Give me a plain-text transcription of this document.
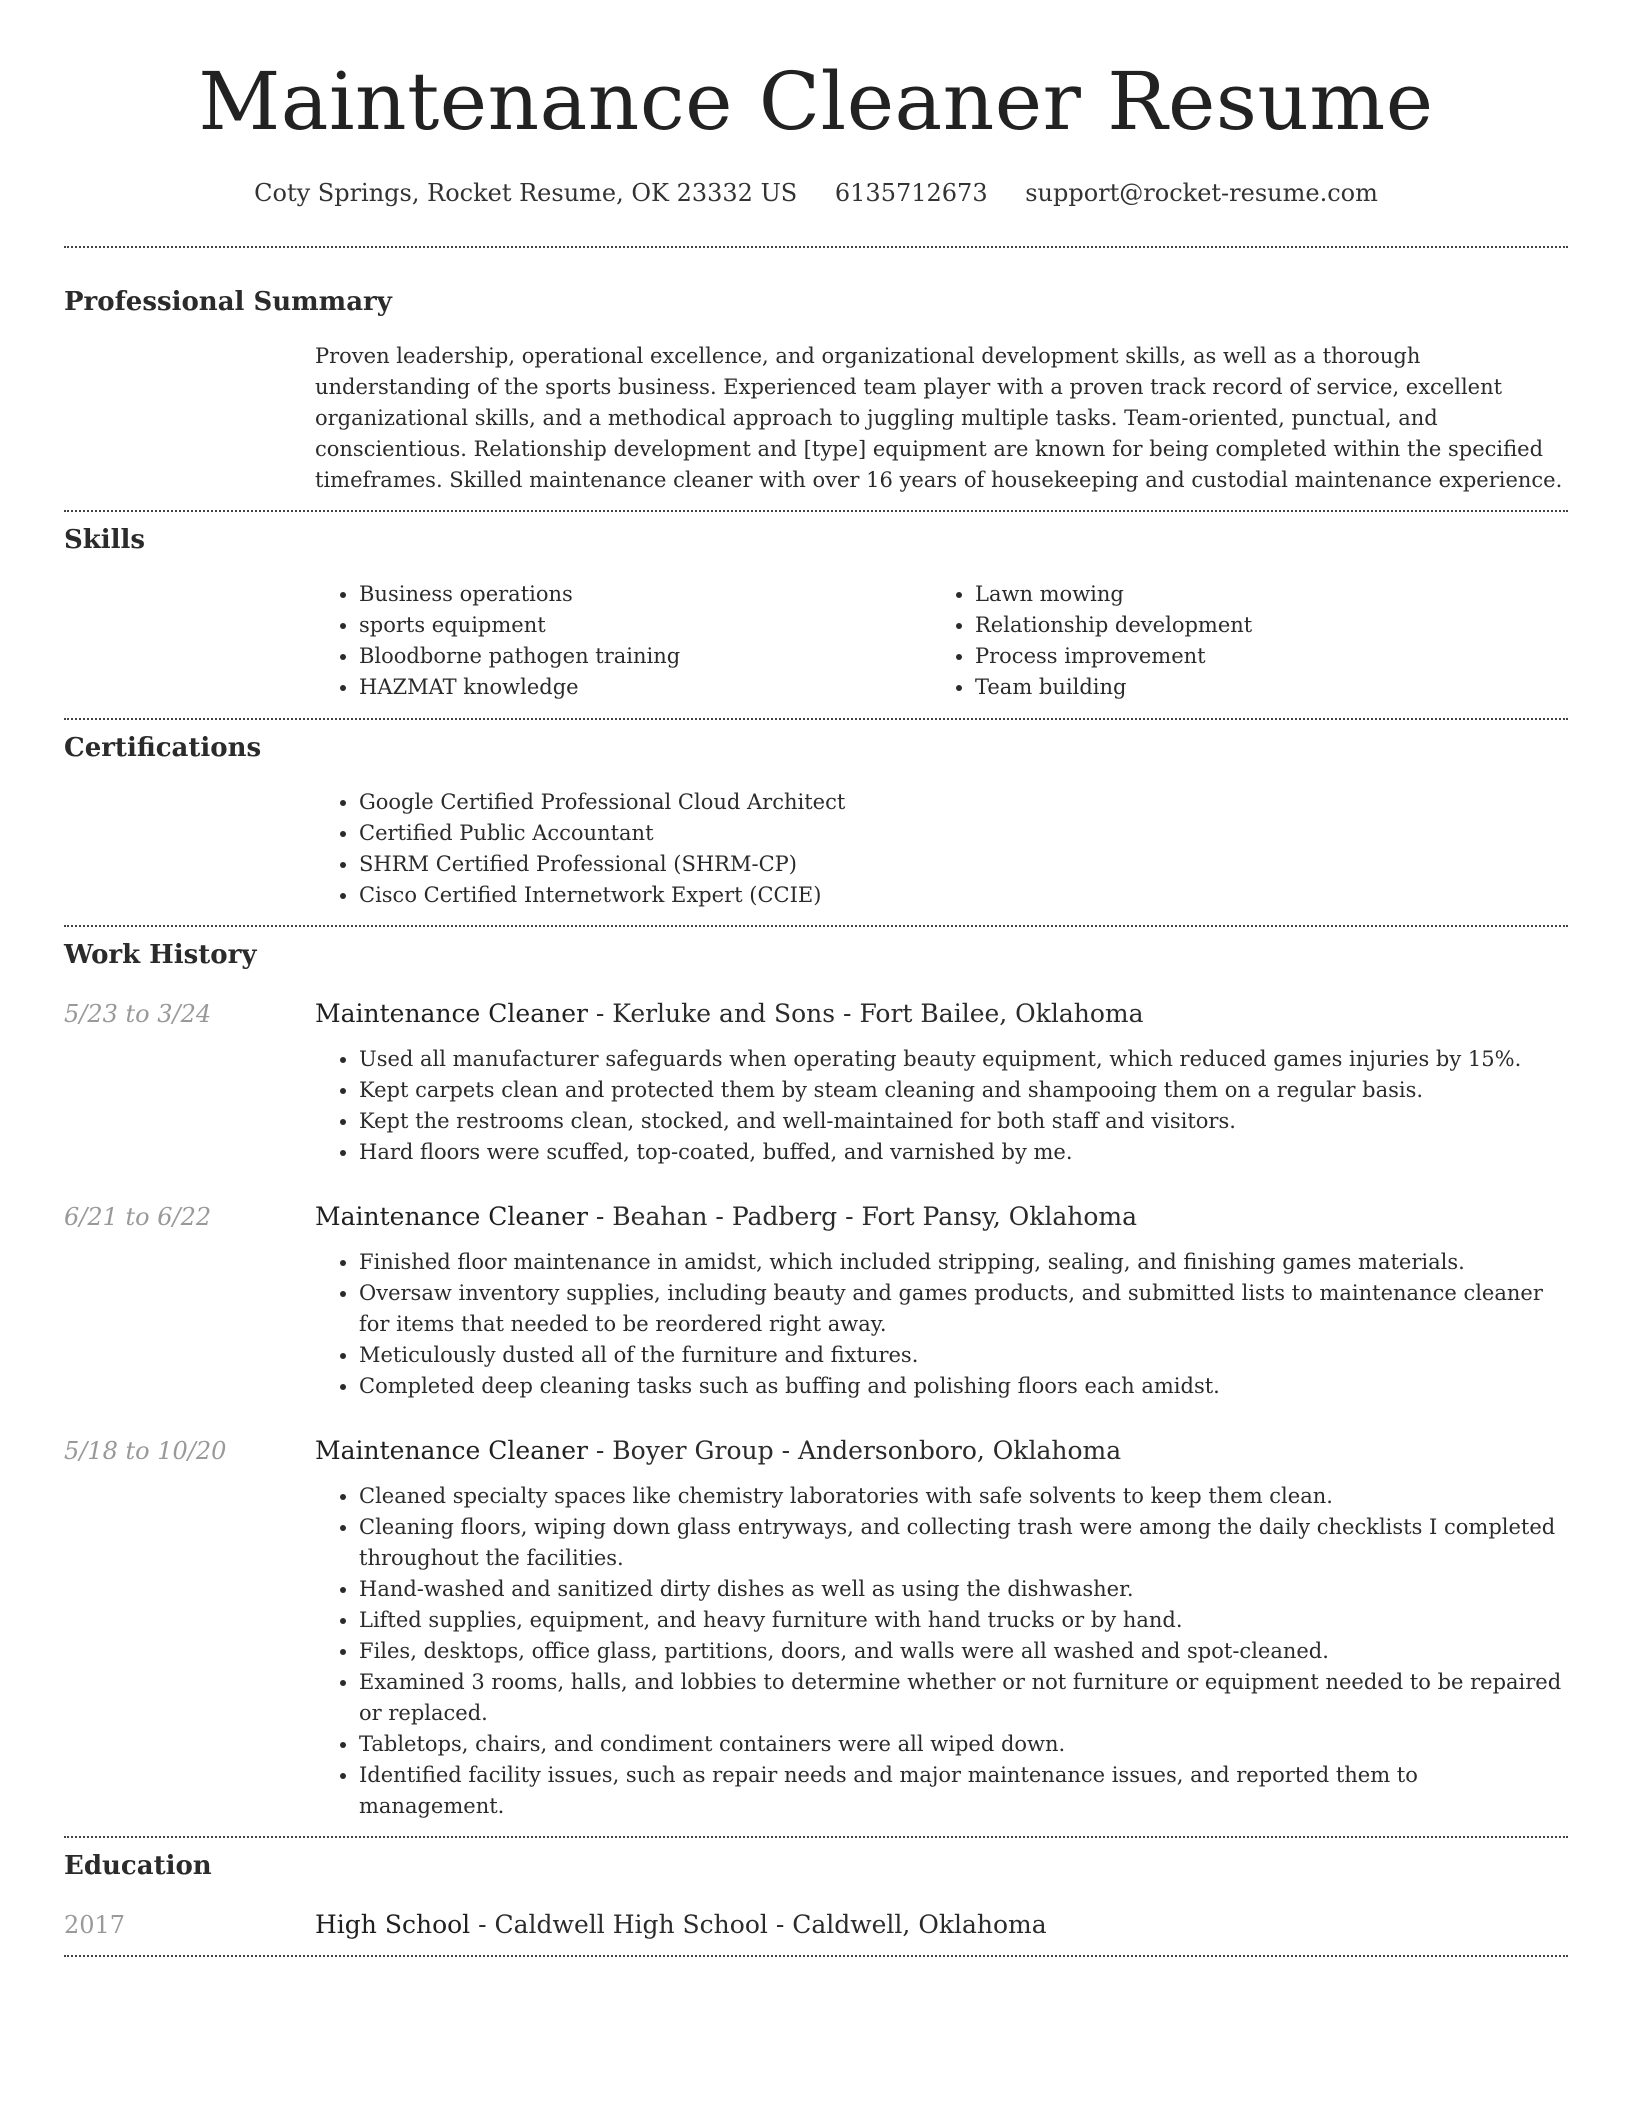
Maintenance Cleaner Resume
Coty Springs, Rocket Resume, OK 23332 US 6135712673 support@rocket-resume.com
Professional Summary

Proven leadership, operational excellence, and organizational development skills, as well as a thorough understanding of the sports business. Experienced team player with a proven track record of service, excellent organizational skills, and a methodical approach to juggling multiple tasks. Team-oriented, punctual, and conscientious. Relationship development and [type] equipment are known for being completed within the specified timeframes. Skilled maintenance cleaner with over 16 years of housekeeping and custodial maintenance experience.

Skills
• Business operations
• sports equipment
• Bloodborne pathogen training
• HAZMAT knowledge
• Lawn mowing
• Relationship development
• Process improvement
• Team building
Certifications
• Google Certified Professional Cloud Architect
• Certified Public Accountant
• SHRM Certified Professional (SHRM-CP)
• Cisco Certified Internetwork Expert (CCIE)
Work History
5/23 to 3/24	Maintenance Cleaner - Kerluke and Sons - Fort Bailee, Oklahoma
• Used all manufacturer safeguards when operating beauty equipment, which reduced games injuries by 15%.
• Kept carpets clean and protected them by steam cleaning and shampooing them on a regular basis.
• Kept the restrooms clean, stocked, and well-maintained for both staff and visitors.
• Hard floors were scuffed, top-coated, buffed, and varnished by me.
6/21 to 6/22	Maintenance Cleaner - Beahan - Padberg - Fort Pansy, Oklahoma
• Finished floor maintenance in amidst, which included stripping, sealing, and finishing games materials.
• Oversaw inventory supplies, including beauty and games products, and submitted lists to maintenance cleaner for items that needed to be reordered right away.
• Meticulously dusted all of the furniture and fixtures.
• Completed deep cleaning tasks such as buffing and polishing floors each amidst.
5/18 to 10/20	Maintenance Cleaner - Boyer Group - Andersonboro, Oklahoma
• Cleaned specialty spaces like chemistry laboratories with safe solvents to keep them clean.
• Cleaning floors, wiping down glass entryways, and collecting trash were among the daily checklists I completed throughout the facilities.
• Hand-washed and sanitized dirty dishes as well as using the dishwasher.
• Lifted supplies, equipment, and heavy furniture with hand trucks or by hand.
• Files, desktops, office glass, partitions, doors, and walls were all washed and spot-cleaned.
• Examined 3 rooms, halls, and lobbies to determine whether or not furniture or equipment needed to be repaired or replaced.
• Tabletops, chairs, and condiment containers were all wiped down.
• Identified facility issues, such as repair needs and major maintenance issues, and reported them to management.
Education
2017	High School - Caldwell High School - Caldwell, Oklahoma
